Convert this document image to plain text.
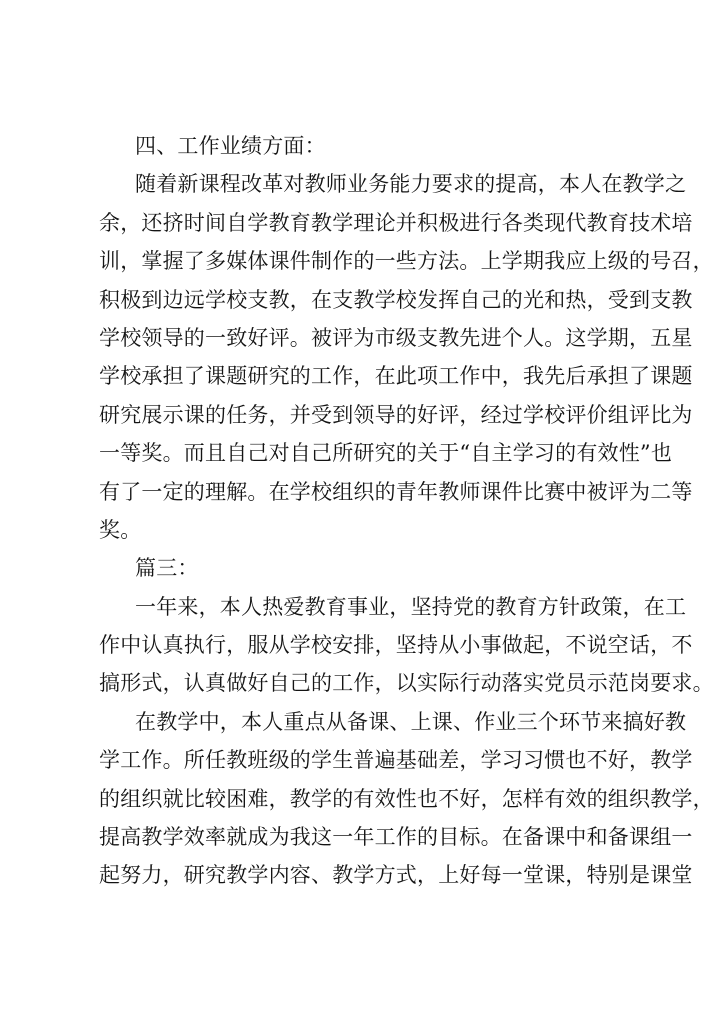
四、工作业绩方面：
随着新课程改革对教师业务能力要求的提高，本人在教学之
余，还挤时间自学教育教学理论并积极进行各类现代教育技术培
训，掌握了多媒体课件制作的一些方法。上学期我应上级的号召，
积极到边远学校支教，在支教学校发挥自己的光和热，受到支教
学校领导的一致好评。被评为市级支教先进个人。这学期，五星
学校承担了课题研究的工作，在此项工作中，我先后承担了课题
研究展示课的任务，并受到领导的好评，经过学校评价组评比为
一等奖。而且自己对自己所研究的关于“自主学习的有效性”也
有了一定的理解。在学校组织的青年教师课件比赛中被评为二等
奖。
篇三：
一年来，本人热爱教育事业，坚持党的教育方针政策，在工
作中认真执行，服从学校安排，坚持从小事做起，不说空话，不
搞形式，认真做好自己的工作，以实际行动落实党员示范岗要求。
在教学中，本人重点从备课、上课、作业三个环节来搞好教
学工作。所任教班级的学生普遍基础差，学习习惯也不好，教学
的组织就比较困难，教学的有效性也不好，怎样有效的组织教学，
提高教学效率就成为我这一年工作的目标。在备课中和备课组一
起努力，研究教学内容、教学方式，上好每一堂课，特别是课堂
